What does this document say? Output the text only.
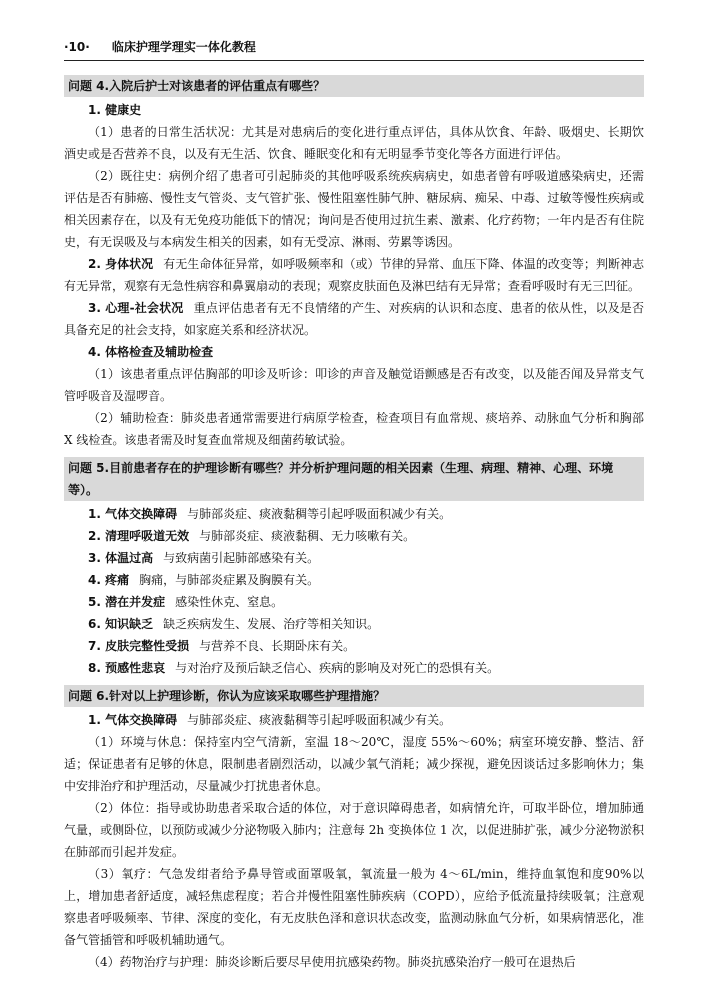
·10· 临床护理学理实一体化教程
问题 4.入院后护士对该患者的评估重点有哪些？

1. 健康史

（1）患者的日常生活状况：尤其是对患病后的变化进行重点评估，具体从饮食、年龄、吸烟史、长期饮酒史或是否营养不良，以及有无生活、饮食、睡眠变化和有无明显季节变化等各方面进行评估。

（2）既往史：病例介绍了患者可引起肺炎的其他呼吸系统疾病病史，如患者曾有呼吸道感染病史，还需评估是否有肺癌、慢性支气管炎、支气管扩张、慢性阻塞性肺气肿、糖尿病、痴呆、中毒、过敏等慢性疾病或相关因素存在，以及有无免疫功能低下的情况；询问是否使用过抗生素、激素、化疗药物；一年内是否有住院史，有无误吸及与本病发生相关的因素，如有无受凉、淋雨、劳累等诱因。

2. 身体状况 有无生命体征异常，如呼吸频率和（或）节律的异常、血压下降、体温的改变等；判断神志有无异常，观察有无急性病容和鼻翼扇动的表现；观察皮肤面色及淋巴结有无异常；查看呼吸时有无三凹征。

3. 心理-社会状况 重点评估患者有无不良情绪的产生、对疾病的认识和态度、患者的依从性，以及是否具备充足的社会支持，如家庭关系和经济状况。

4. 体格检查及辅助检查

（1）该患者重点评估胸部的叩诊及听诊：叩诊的声音及触觉语颤感是否有改变，以及能否闻及异常支气管呼吸音及湿啰音。

（2）辅助检查：肺炎患者通常需要进行病原学检查，检查项目有血常规、痰培养、动脉血气分析和胸部 X 线检查。该患者需及时复查血常规及细菌药敏试验。

问题 5.目前患者存在的护理诊断有哪些？并分析护理问题的相关因素（生理、病理、精神、心理、环境等）。

1. 气体交换障碍 与肺部炎症、痰液黏稠等引起呼吸面积减少有关。

2. 清理呼吸道无效 与肺部炎症、痰液黏稠、无力咳嗽有关。

3. 体温过高 与致病菌引起肺部感染有关。

4. 疼痛 胸痛，与肺部炎症累及胸膜有关。

5. 潜在并发症 感染性休克、窒息。

6. 知识缺乏 缺乏疾病发生、发展、治疗等相关知识。

7. 皮肤完整性受损 与营养不良、长期卧床有关。

8. 预感性悲哀 与对治疗及预后缺乏信心、疾病的影响及对死亡的恐惧有关。

问题 6.针对以上护理诊断，你认为应该采取哪些护理措施？

1. 气体交换障碍 与肺部炎症、痰液黏稠等引起呼吸面积减少有关。

（1）环境与休息：保持室内空气清新，室温 18～20℃，湿度 55%～60%；病室环境安静、整洁、舒适；保证患者有足够的休息，限制患者剧烈活动，以减少氧气消耗；减少探视，避免因谈话过多影响休力；集中安排治疗和护理活动，尽量减少打扰患者休息。

（2）体位：指导或协助患者采取合适的体位，对于意识障碍患者，如病情允许，可取半卧位，增加肺通气量，或侧卧位，以预防或减少分泌物吸入肺内；注意每 2h 变换体位 1 次，以促进肺扩张，减少分泌物淤积在肺部而引起并发症。

（3）氧疗：气急发绀者给予鼻导管或面罩吸氧，氧流量一般为 4～6L/min，维持血氧饱和度90%以上，增加患者舒适度，减轻焦虑程度；若合并慢性阻塞性肺疾病（COPD），应给予低流量持续吸氧；注意观察患者呼吸频率、节律、深度的变化，有无皮肤色泽和意识状态改变，监测动脉血气分析，如果病情恶化，准备气管插管和呼吸机辅助通气。

（4）药物治疗与护理：肺炎诊断后要尽早使用抗感染药物。肺炎抗感染治疗一般可在退热后
